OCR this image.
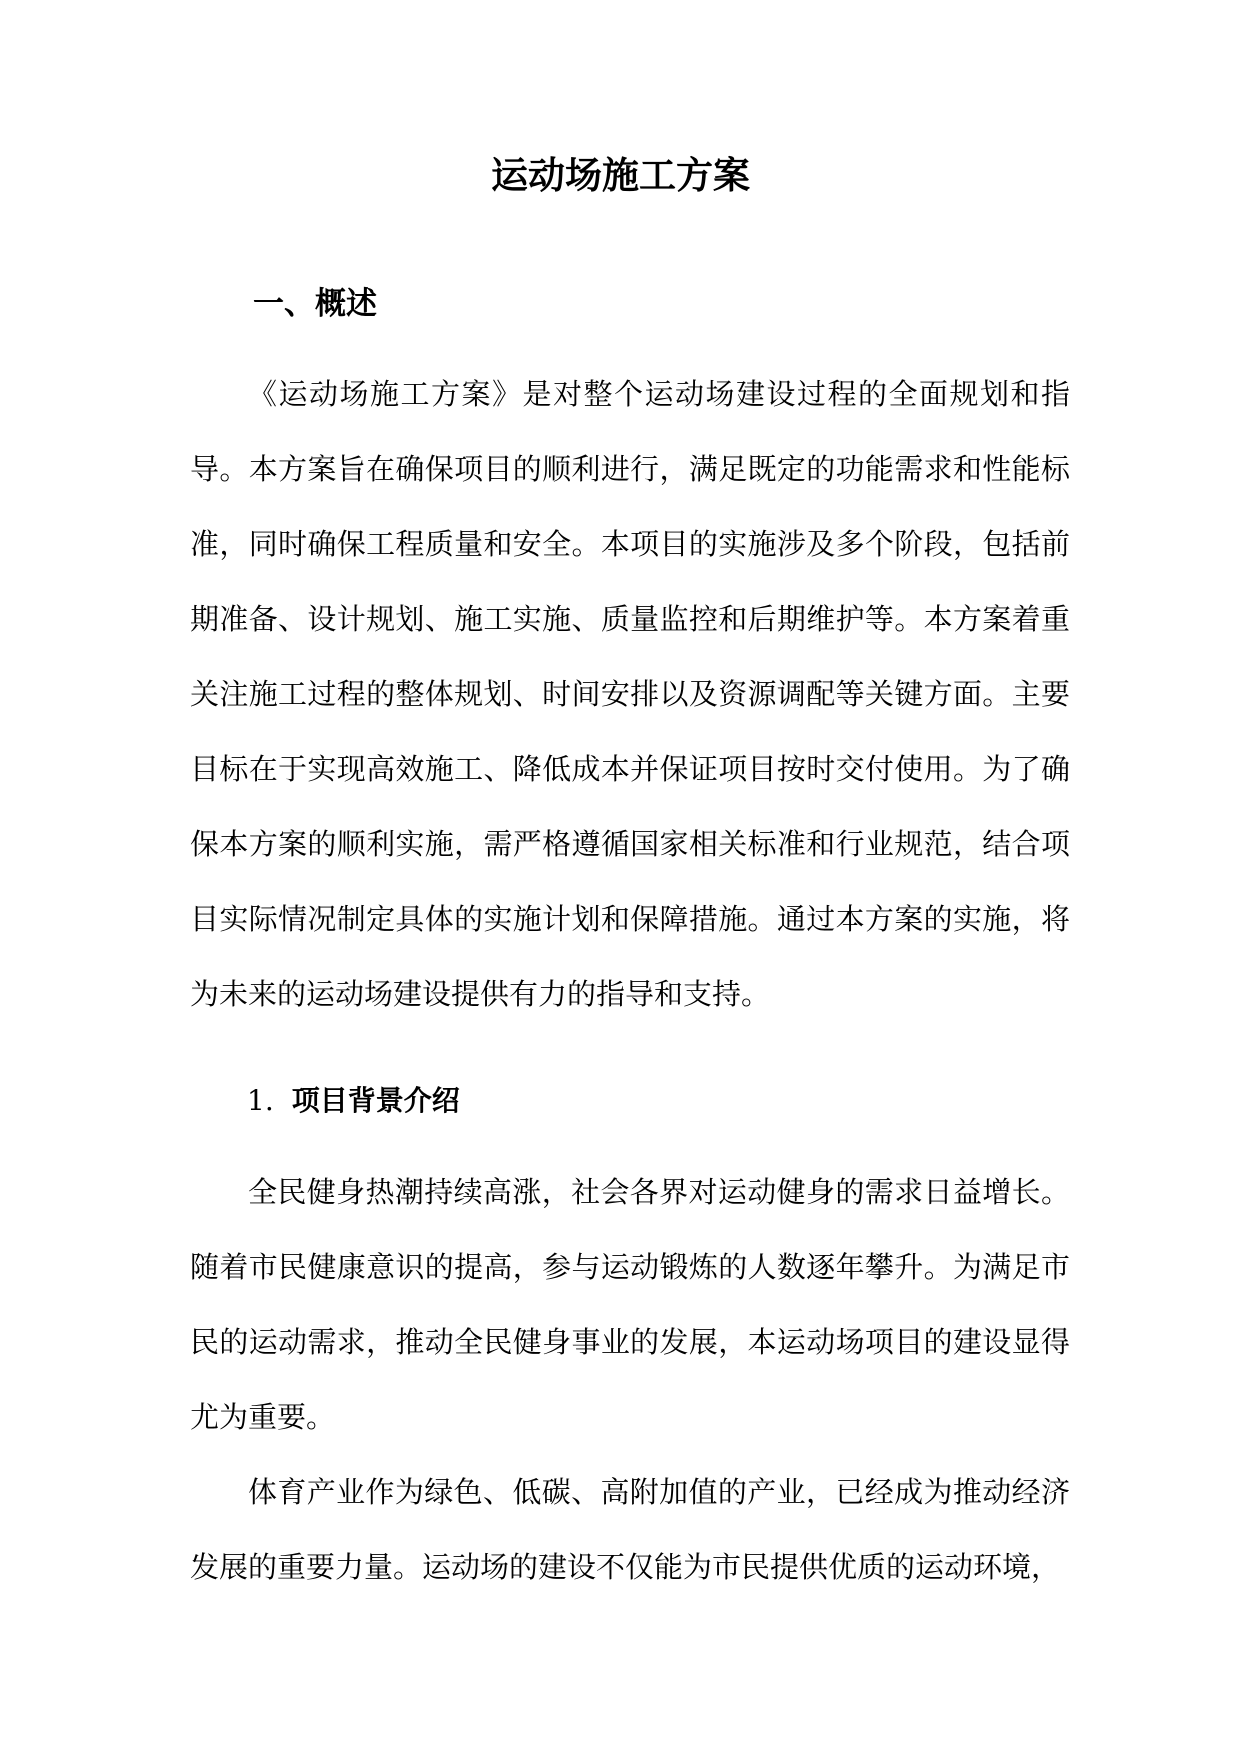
运动场施工方案
一、概述

《运动场施工方案》是对整个运动场建设过程的全面规划和指导。本方案旨在确保项目的顺利进行，满足既定的功能需求和性能标准，同时确保工程质量和安全。本项目的实施涉及多个阶段，包括前期准备、设计规划、施工实施、质量监控和后期维护等。本方案着重关注施工过程的整体规划、时间安排以及资源调配等关键方面。主要目标在于实现高效施工、降低成本并保证项目按时交付使用。为了确保本方案的顺利实施，需严格遵循国家相关标准和行业规范，结合项目实际情况制定具体的实施计划和保障措施。通过本方案的实施，将为未来的运动场建设提供有力的指导和支持。

1. 项目背景介绍

全民健身热潮持续高涨，社会各界对运动健身的需求日益增长。随着市民健康意识的提高，参与运动锻炼的人数逐年攀升。为满足市民的运动需求，推动全民健身事业的发展，本运动场项目的建设显得尤为重要。

体育产业作为绿色、低碳、高附加值的产业，已经成为推动经济发展的重要力量。运动场的建设不仅能为市民提供优质的运动环境，
